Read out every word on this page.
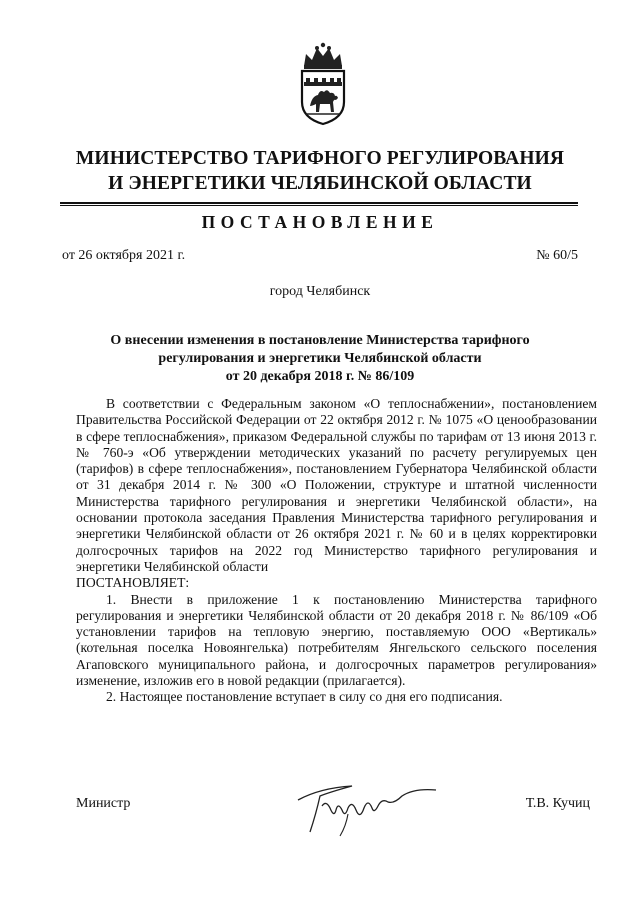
МИНИСТЕРСТВО ТАРИФНОГО РЕГУЛИРОВАНИЯ
И ЭНЕРГЕТИКИ ЧЕЛЯБИНСКОЙ ОБЛАСТИ
ПОСТАНОВЛЕНИЕ
от 26 октября 2021 г.	№ 60/5
город Челябинск
О внесении изменения в постановление Министерства тарифного
регулирования и энергетики Челябинской области
от 20 декабря 2018 г. № 86/109

В соответствии с Федеральным законом «О теплоснабжении», постановлением Правительства Российской Федерации от 22 октября 2012 г. № 1075 «О ценообразовании в сфере теплоснабжения», приказом Федеральной службы по тарифам от 13 июня 2013 г. № 760-э «Об утверждении методических указаний по расчету регулируемых цен (тарифов) в сфере теплоснабжения», постановлением Губернатора Челябинской области от 31 декабря 2014 г. № 300 «О Положении, структуре и штатной численности Министерства тарифного регулирования и энергетики Челябинской области», на основании протокола заседания Правления Министерства тарифного регулирования и энергетики Челябинской области от 26 октября 2021 г. № 60 и в целях корректировки долгосрочных тарифов на 2022 год Министерство тарифного регулирования и энергетики Челябинской области

ПОСТАНОВЛЯЕТ:

1. Внести в приложение 1 к постановлению Министерства тарифного регулирования и энергетики Челябинской области от 20 декабря 2018 г. № 86/109 «Об установлении тарифов на тепловую энергию, поставляемую ООО «Вертикаль» (котельная поселка Новоянгелька) потребителям Янгельского сельского поселения Агаповского муниципального района, и долгосрочных параметров регулирования» изменение, изложив его в новой редакции (прилагается).

2. Настоящее постановление вступает в силу со дня его подписания.

Министр	Т.В. Кучиц
